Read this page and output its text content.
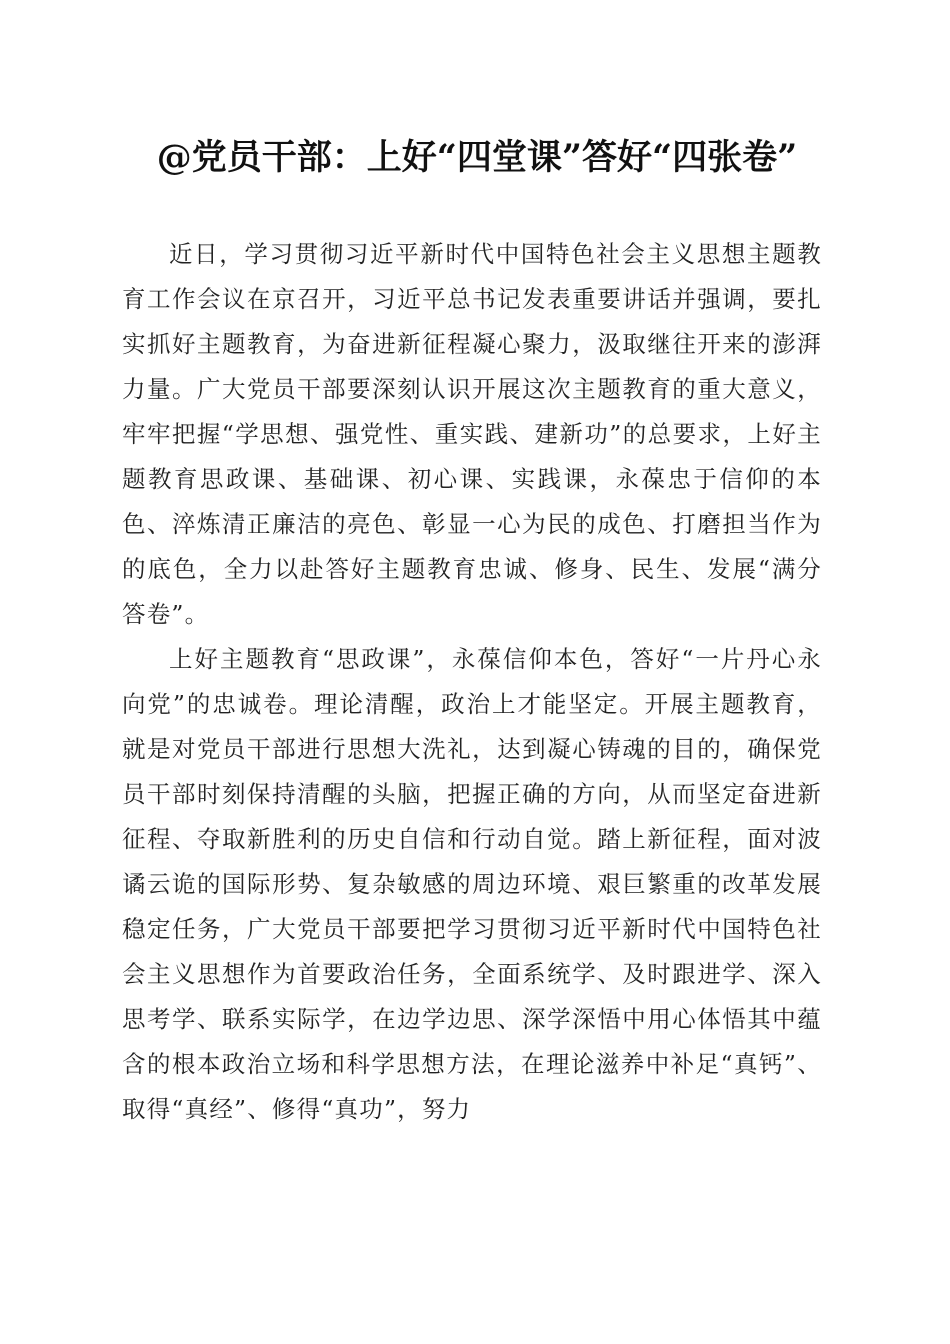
@党员干部：上好“四堂课”答好“四张卷”

近日，学习贯彻习近平新时代中国特色社会主义思想主题教育工作会议在京召开，习近平总书记发表重要讲话并强调，要扎实抓好主题教育，为奋进新征程凝心聚力，汲取继往开来的澎湃力量。广大党员干部要深刻认识开展这次主题教育的重大意义，牢牢把握“学思想、强党性、重实践、建新功”的总要求，上好主题教育思政课、基础课、初心课、实践课，永葆忠于信仰的本色、淬炼清正廉洁的亮色、彰显一心为民的成色、打磨担当作为的底色，全力以赴答好主题教育忠诚、修身、民生、发展“满分答卷”。

上好主题教育“思政课”，永葆信仰本色，答好“一片丹心永向党”的忠诚卷。理论清醒，政治上才能坚定。开展主题教育，就是对党员干部进行思想大洗礼，达到凝心铸魂的目的，确保党员干部时刻保持清醒的头脑，把握正确的方向，从而坚定奋进新征程、夺取新胜利的历史自信和行动自觉。踏上新征程，面对波谲云诡的国际形势、复杂敏感的周边环境、艰巨繁重的改革发展稳定任务，广大党员干部要把学习贯彻习近平新时代中国特色社会主义思想作为首要政治任务，全面系统学、及时跟进学、深入思考学、联系实际学，在边学边思、深学深悟中用心体悟其中蕴含的根本政治立场和科学思想方法，在理论滋养中补足“真钙”、取得“真经”、修得“真功”，努力
